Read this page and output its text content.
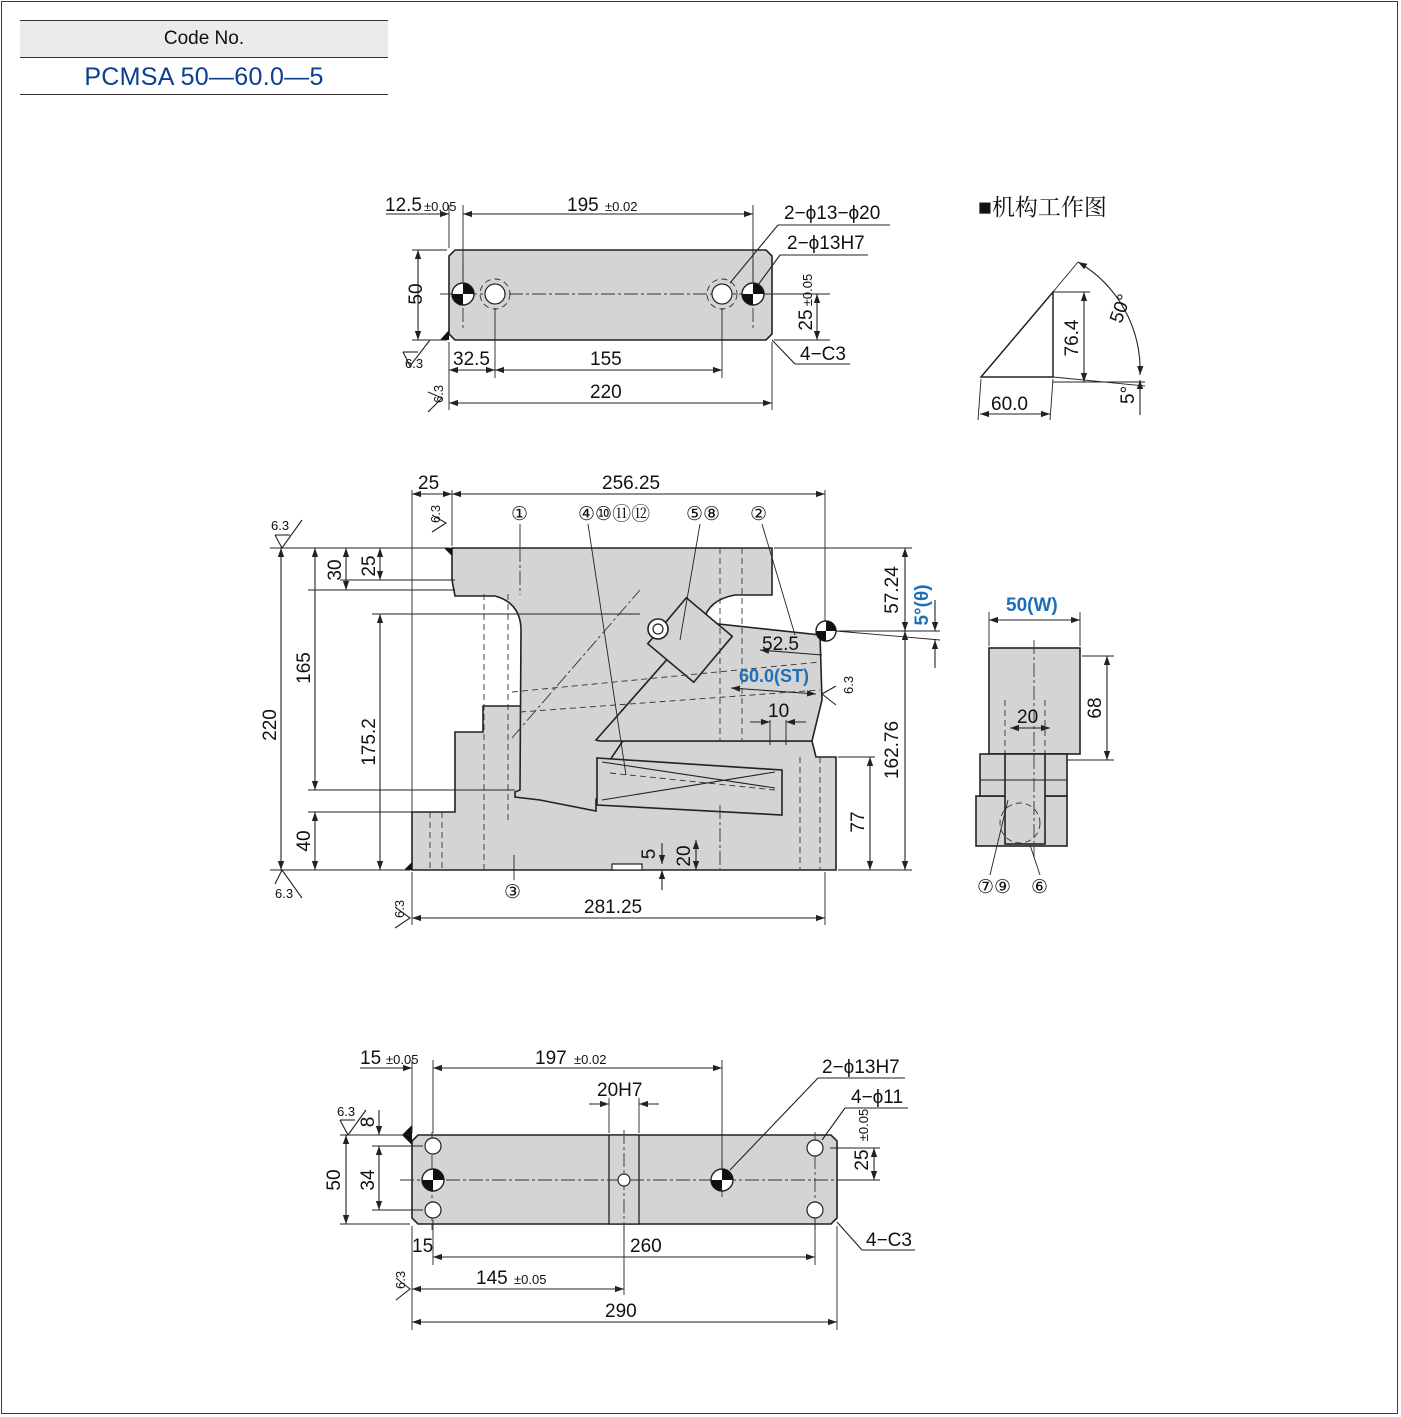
Code No.
PCMSA 50—60.0—5
12.5 ±0.05	195 ±0.02	2−ϕ13−ϕ20
2−ϕ13H7
50
25
±0.05
32.5	155
220
4−C3
6.3
6.3
■机构工作图
76.4
50°
5°
60.0
25	256.25
①	④⑩⑪⑫ ⑤⑧ ②
③
220
165
30 25
175.2
40
57.24
162.76
5°(θ)
77
52.5
60.0(ST)
10
5 20
281.25
6.3
6.3
6.3
6.3
6.3
50(W)
68
20
⑦⑨ ⑥
15 ±0.05	197 ±0.02
20H7
2−ϕ13H7
4−ϕ11
50 34
8
25
±0.05
15	260
145 ±0.05
290
4−C3
6.3
6.3
